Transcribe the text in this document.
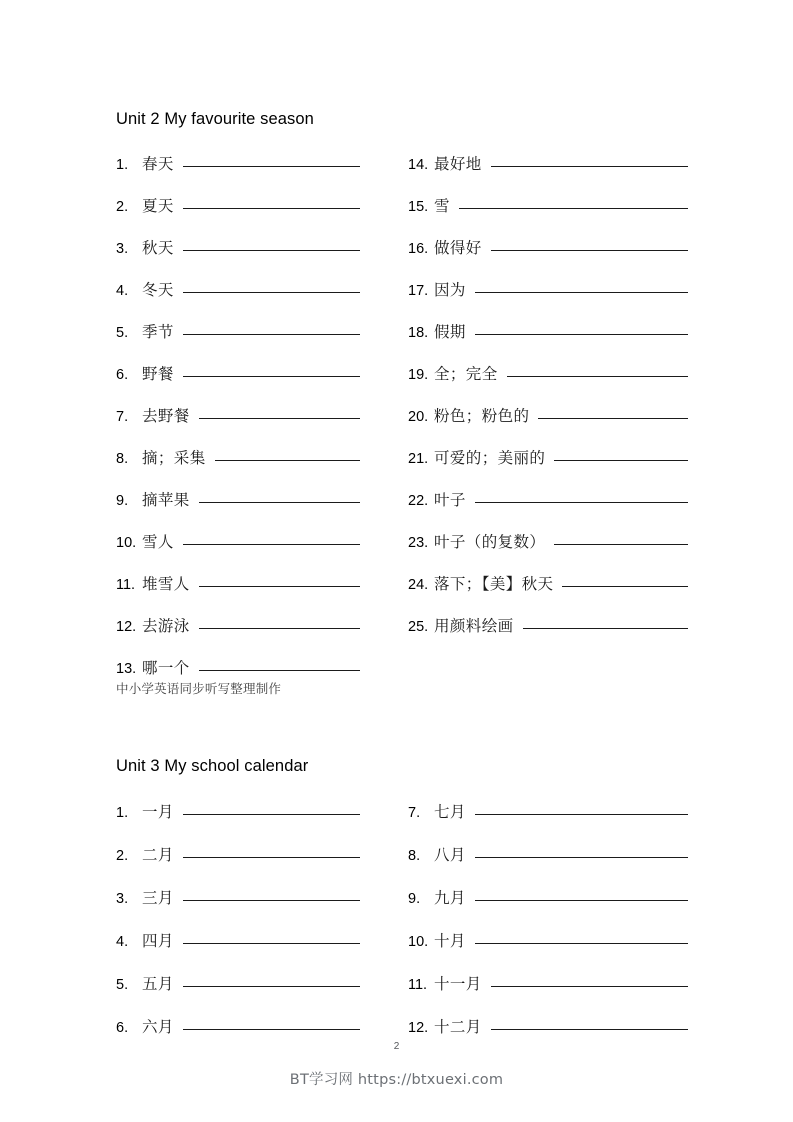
Unit 2 My favourite season
1. 春天
2. 夏天
3. 秋天
4. 冬天
5. 季节
6. 野餐
7. 去野餐
8. 摘；采集
9. 摘苹果
10. 雪人
11. 堆雪人
12. 去游泳
13. 哪一个
14. 最好地
15. 雪
16. 做得好
17. 因为
18. 假期
19. 全；完全
20. 粉色；粉色的
21. 可爱的；美丽的
22. 叶子
23. 叶子（的复数）
24. 落下；【美】秋天
25. 用颜料绘画
中小学英语同步听写整理制作
Unit 3 My school calendar
1. 一月
2. 二月
3. 三月
4. 四月
5. 五月
6. 六月
7. 七月
8. 八月
9. 九月
10. 十月
11. 十一月
12. 十二月
2
BT学习网 https://btxuexi.com
